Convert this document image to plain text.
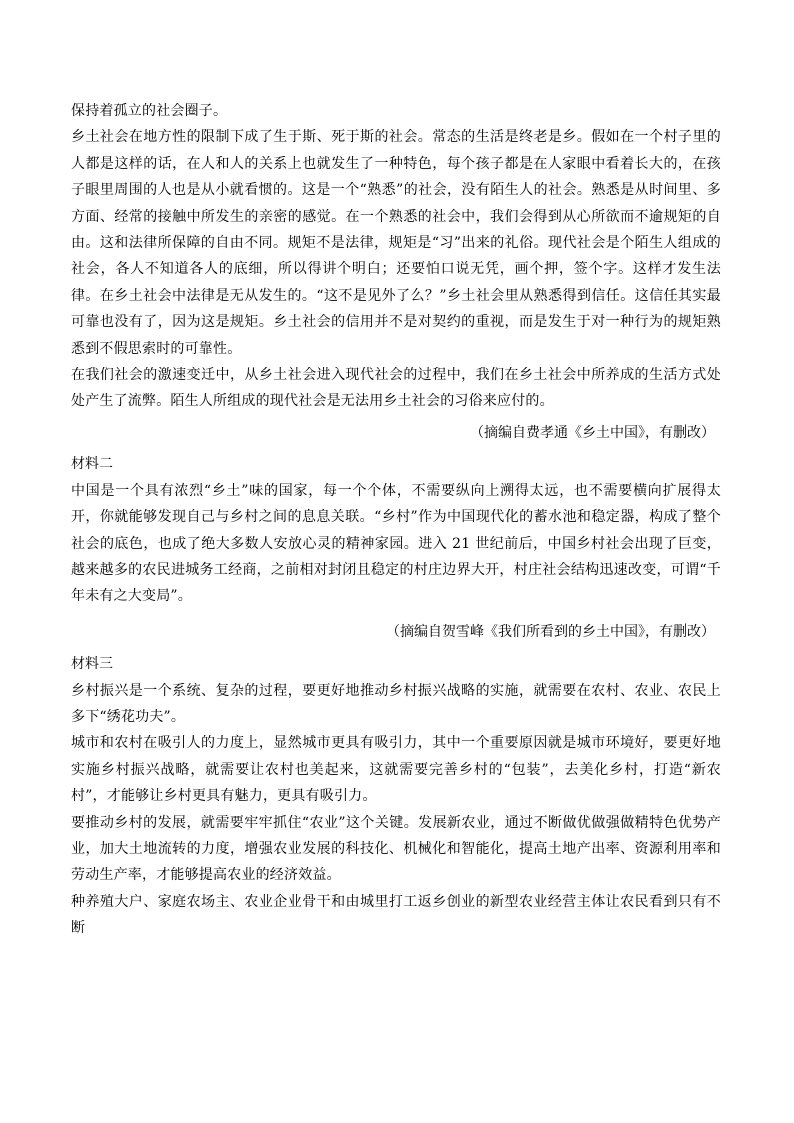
保持着孤立的社会圈子。

乡土社会在地方性的限制下成了生于斯、死于斯的社会。常态的生活是终老是乡。假如在一个村子里的人都是这样的话，在人和人的关系上也就发生了一种特色，每个孩子都是在人家眼中看着长大的，在孩子眼里周围的人也是从小就看惯的。这是一个“熟悉”的社会，没有陌生人的社会。熟悉是从时间里、多方面、经常的接触中所发生的亲密的感觉。在一个熟悉的社会中，我们会得到从心所欲而不逾规矩的自由。这和法律所保障的自由不同。规矩不是法律，规矩是“习”出来的礼俗。现代社会是个陌生人组成的社会，各人不知道各人的底细，所以得讲个明白；还要怕口说无凭，画个押，签个字。这样才发生法律。在乡土社会中法律是无从发生的。“这不是见外了么？”乡土社会里从熟悉得到信任。这信任其实最可靠也没有了，因为这是规矩。乡土社会的信用并不是对契约的重视，而是发生于对一种行为的规矩熟悉到不假思索时的可靠性。

在我们社会的激速变迁中，从乡土社会进入现代社会的过程中，我们在乡土社会中所养成的生活方式处处产生了流弊。陌生人所组成的现代社会是无法用乡土社会的习俗来应付的。

（摘编自费孝通《乡土中国》，有删改）

材料二

中国是一个具有浓烈“乡土”味的国家，每一个个体，不需要纵向上溯得太远，也不需要横向扩展得太开，你就能够发现自己与乡村之间的息息关联。“乡村”作为中国现代化的蓄水池和稳定器，构成了整个社会的底色，也成了绝大多数人安放心灵的精神家园。进入 21 世纪前后，中国乡村社会出现了巨变，越来越多的农民进城务工经商，之前相对封闭且稳定的村庄边界大开，村庄社会结构迅速改变，可谓“千年未有之大变局”。

（摘编自贺雪峰《我们所看到的乡土中国》，有删改）

材料三

乡村振兴是一个系统、复杂的过程，要更好地推动乡村振兴战略的实施，就需要在农村、农业、农民上多下“绣花功夫”。

城市和农村在吸引人的力度上，显然城市更具有吸引力，其中一个重要原因就是城市环境好，要更好地实施乡村振兴战略，就需要让农村也美起来，这就需要完善乡村的“包装”，去美化乡村，打造“新农村”，才能够让乡村更具有魅力，更具有吸引力。

要推动乡村的发展，就需要牢牢抓住“农业”这个关键。发展新农业，通过不断做优做强做精特色优势产业，加大土地流转的力度，增强农业发展的科技化、机械化和智能化，提高土地产出率、资源利用率和劳动生产率，才能够提高农业的经济效益。

种养殖大户、家庭农场主、农业企业骨干和由城里打工返乡创业的新型农业经营主体让农民看到只有不断
